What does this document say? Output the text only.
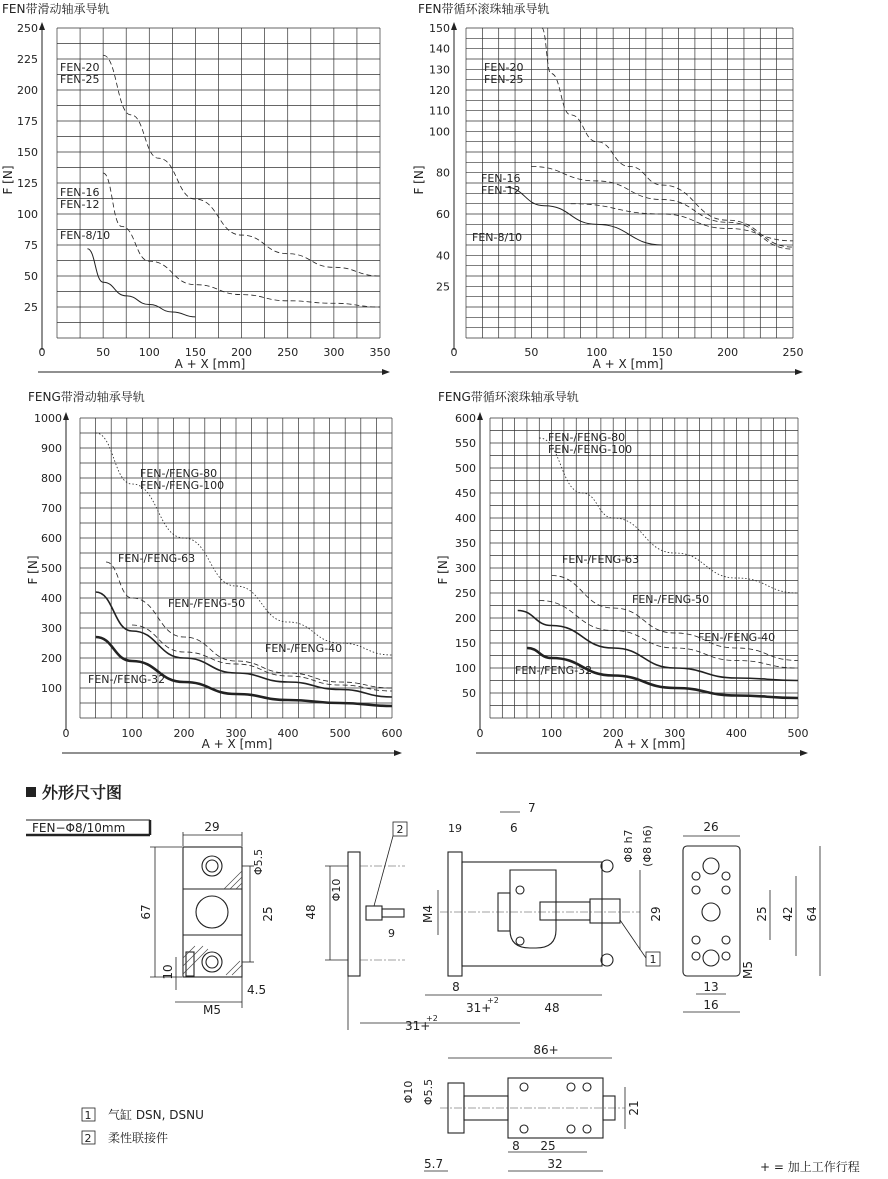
FEN带滑动轴承导轨
0	50	100 150 200 250 300 350
25
50
75
100
125
150
175
200
225
250
FEN-20
FEN-25
FEN-16
FEN-12
FEN-8/10
A + X [mm]
F [N]
FEN带循环滚珠轴承导轨
0	50	100	150	200	250
25
40
60
80
100
110
120
130
140
150
FEN-20
FEN-25
FEN-16
FEN-12
FEN-8/10
A + X [mm]
F [N]
FENG带滑动轴承导轨
0	100	200	300	400	500	600
100
200
300
400
500
600
700
800
900
1000
FEN-/FENG-80
FEN-/FENG-100
FEN-/FENG-63
FEN-/FENG-50
FEN-/FENG-40
FEN-/FENG-32
A + X [mm]
F [N]
FENG带循环滚珠轴承导轨
0	100	200	300	400	500
50
100
150
200
250
300
350
400
450
500
550
600
FEN-/FENG-80
FEN-/FENG-100
FEN-/FENG-63
FEN-/FENG-50
FEN-/FENG-40
FEN-/FENG-32
A + X [mm]
F [N]
外形尺寸图
FEN−Φ8/10mm	29
67
Φ5.5
25
10
4.5
M5
48
Φ10
2
9
7
19	6
Φ8 h7 (Φ8 h6)
29
M4
1
8
31+
+2
48
31+
+2
26
25 42 64
13
M5
16
86+
Φ10 Φ5.5
21
8 25
32
5.7
1 气缸 DSN, DSNU
2 柔性联接件
+ = 加上工作行程
